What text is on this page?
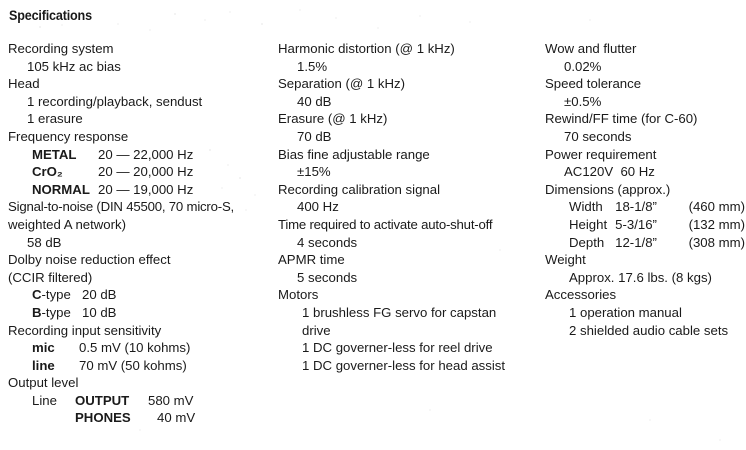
Specifications
Recording system
105 kHz ac bias
Head
1 recording/playback, sendust
1 erasure
Frequency response
METAL	20 — 22,000 Hz
CrO₂	20 — 20,000 Hz
NORMAL 20 — 19,000 Hz
Signal-to-noise (DIN 45500, 70 micro-S,
weighted A network)
58 dB
Dolby noise reduction effect
(CCIR filtered)
C-type 20 dB
B-type 10 dB
Recording input sensitivity
mic	0.5 mV (10 kohms)
line	70 mV (50 kohms)
Output level
Line	OUTPUT	580 mV
PHONES	40 mV
Harmonic distortion (@ 1 kHz)
1.5%
Separation (@ 1 kHz)
40 dB
Erasure (@ 1 kHz)
70 dB
Bias fine adjustable range
±15%
Recording calibration signal
400 Hz
Time required to activate auto-shut-off
4 seconds
APMR time
5 seconds
Motors
1 brushless FG servo for capstan
drive
1 DC governer-less for reel drive
1 DC governer-less for head assist
Wow and flutter
0.02%
Speed tolerance
±0.5%
Rewind/FF time (for C-60)
70 seconds
Power requirement
AC120V  60 Hz
Dimensions (approx.)
Width 18-1/8”	(460 mm)
Height 5-3/16”	(132 mm)
Depth 12-1/8”	(308 mm)
Weight
Approx. 17.6 lbs. (8 kgs)
Accessories
1 operation manual
2 shielded audio cable sets
